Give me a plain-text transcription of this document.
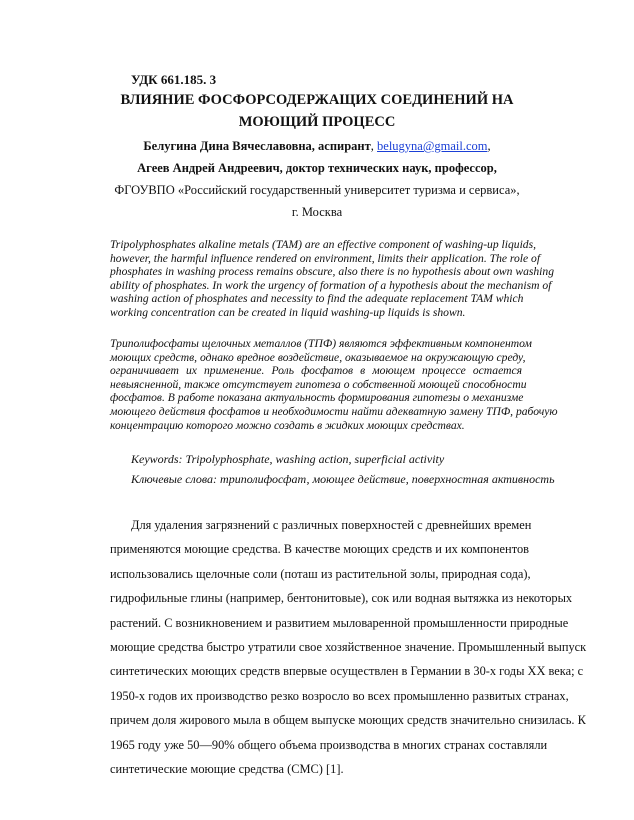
УДК 661.185. 3
ВЛИЯНИЕ ФОСФОРСОДЕРЖАЩИХ СОЕДИНЕНИЙ НА
МОЮЩИЙ ПРОЦЕСС
Белугина Дина Вячеславовна, аспирант, belugyna@gmail.com,
Агеев Андрей Андреевич, доктор технических наук, профессор,
ФГОУВПО «Российский государственный университет туризма и сервиса»,
г. Москва
Tripolyphosphates alkaline metals (TAM) are an effective component of washing-up liquids,
however, the harmful influence rendered on environment, limits their application. The role of
phosphates in washing process remains obscure, also there is no hypothesis about own washing
ability of phosphates. In work the urgency of formation of a hypothesis about the mechanism of
washing action of phosphates and necessity to find the adequate replacement TAM which
working concentration can be created in liquid washing-up liquids is shown.
Триполифосфаты щелочных металлов (ТПФ) являются эффективным компонентом
моющих средств, однако вредное воздействие, оказываемое на окружающую среду,
ограничивает их применение. Роль фосфатов в моющем процессе остается
невыясненной, также отсутствует гипотеза о собственной моющей способности
фосфатов. В работе показана актуальность формирования гипотезы о механизме
моющего действия фосфатов и необходимости найти адекватную замену ТПФ, рабочую
концентрацию которого можно создать в жидких моющих средствах.
Keywords: Tripolyphosphate, washing action, superficial activity
Ключевые слова: триполифосфат, моющее действие, поверхностная активность
Для удаления загрязнений с различных поверхностей с древнейших времен
применяются моющие средства. В качестве моющих средств и их компонентов
использовались щелочные соли (поташ из растительной золы, природная сода),
гидрофильные глины (например, бентонитовые), сок или водная вытяжка из некоторых
растений. С возникновением и развитием мыловаренной промышленности природные
моющие средства быстро утратили свое хозяйственное значение. Промышленный выпуск
синтетических моющих средств впервые осуществлен в Германии в 30-х годы XX века; с
1950-х годов их производство резко возросло во всех промышленно развитых странах,
причем доля жирового мыла в общем выпуске моющих средств значительно снизилась. К
1965 году уже 50—90% общего объема производства в многих странах составляли
синтетические моющие средства (СМС) [1].
